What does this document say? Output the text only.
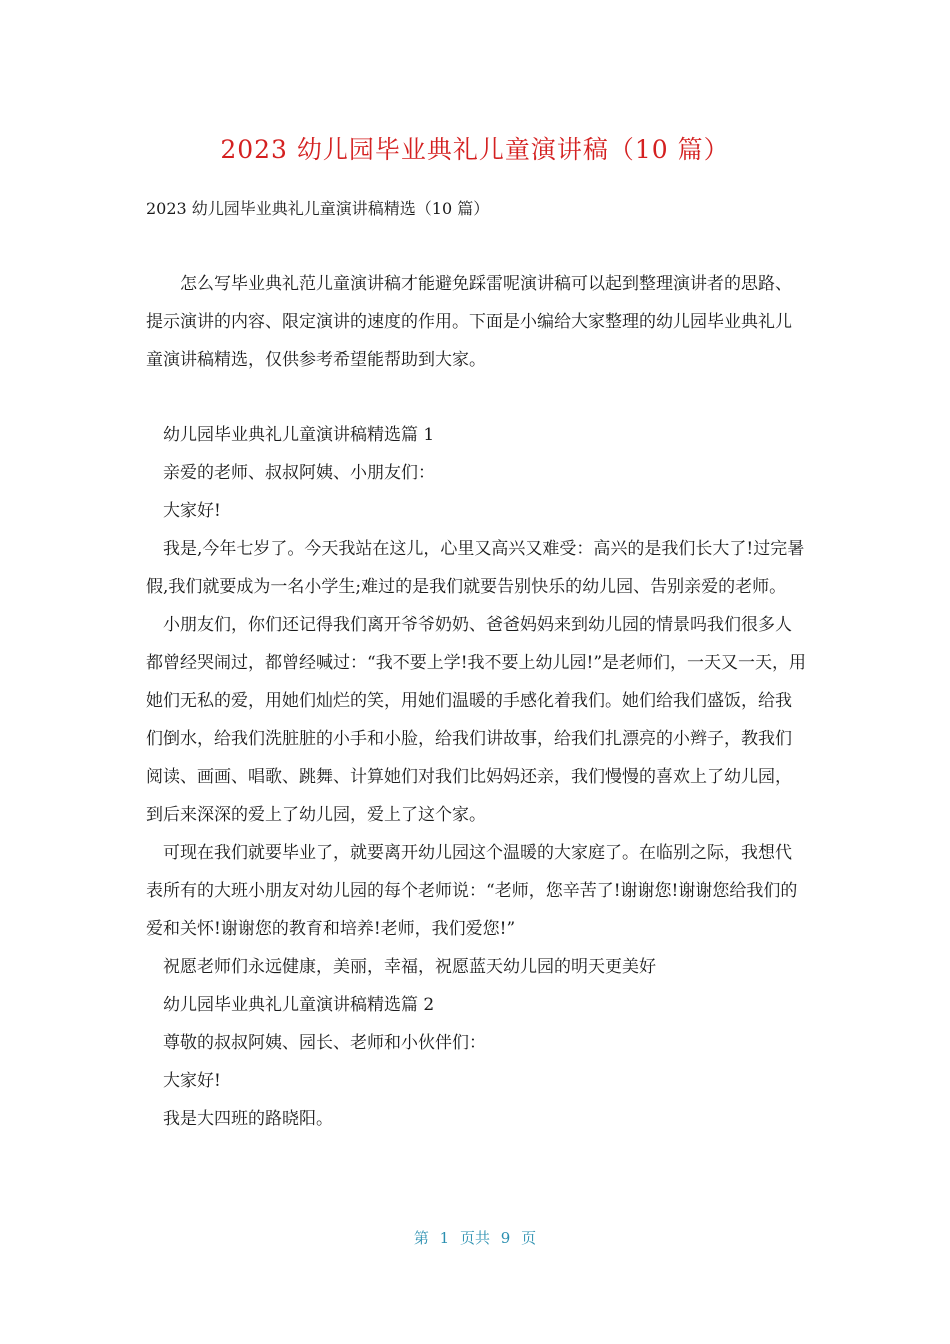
2023 幼儿园毕业典礼儿童演讲稿（10 篇）

2023 幼儿园毕业典礼儿童演讲稿精选（10 篇）

怎么写毕业典礼范儿童演讲稿才能避免踩雷呢演讲稿可以起到整理演讲者的思路、提示演讲的内容、限定演讲的速度的作用。下面是小编给大家整理的幼儿园毕业典礼儿童演讲稿精选，仅供参考希望能帮助到大家。

幼儿园毕业典礼儿童演讲稿精选篇 1

亲爱的老师、叔叔阿姨、小朋友们：

大家好!

我是,今年七岁了。今天我站在这儿，心里又高兴又难受：高兴的是我们长大了!过完暑假,我们就要成为一名小学生;难过的是我们就要告别快乐的幼儿园、告别亲爱的老师。

小朋友们，你们还记得我们离开爷爷奶奶、爸爸妈妈来到幼儿园的情景吗我们很多人都曾经哭闹过，都曾经喊过：“我不要上学!我不要上幼儿园!”是老师们，一天又一天，用她们无私的爱，用她们灿烂的笑，用她们温暖的手感化着我们。她们给我们盛饭，给我们倒水，给我们洗脏脏的小手和小脸，给我们讲故事，给我们扎漂亮的小辫子，教我们阅读、画画、唱歌、跳舞、计算她们对我们比妈妈还亲，我们慢慢的喜欢上了幼儿园，到后来深深的爱上了幼儿园，爱上了这个家。

可现在我们就要毕业了，就要离开幼儿园这个温暖的大家庭了。在临别之际，我想代表所有的大班小朋友对幼儿园的每个老师说：“老师，您辛苦了!谢谢您!谢谢您给我们的爱和关怀!谢谢您的教育和培养!老师，我们爱您!”

祝愿老师们永远健康，美丽，幸福，祝愿蓝天幼儿园的明天更美好

幼儿园毕业典礼儿童演讲稿精选篇 2

尊敬的叔叔阿姨、园长、老师和小伙伴们：

大家好!

我是大四班的路晓阳。

第 1 页共 9 页
